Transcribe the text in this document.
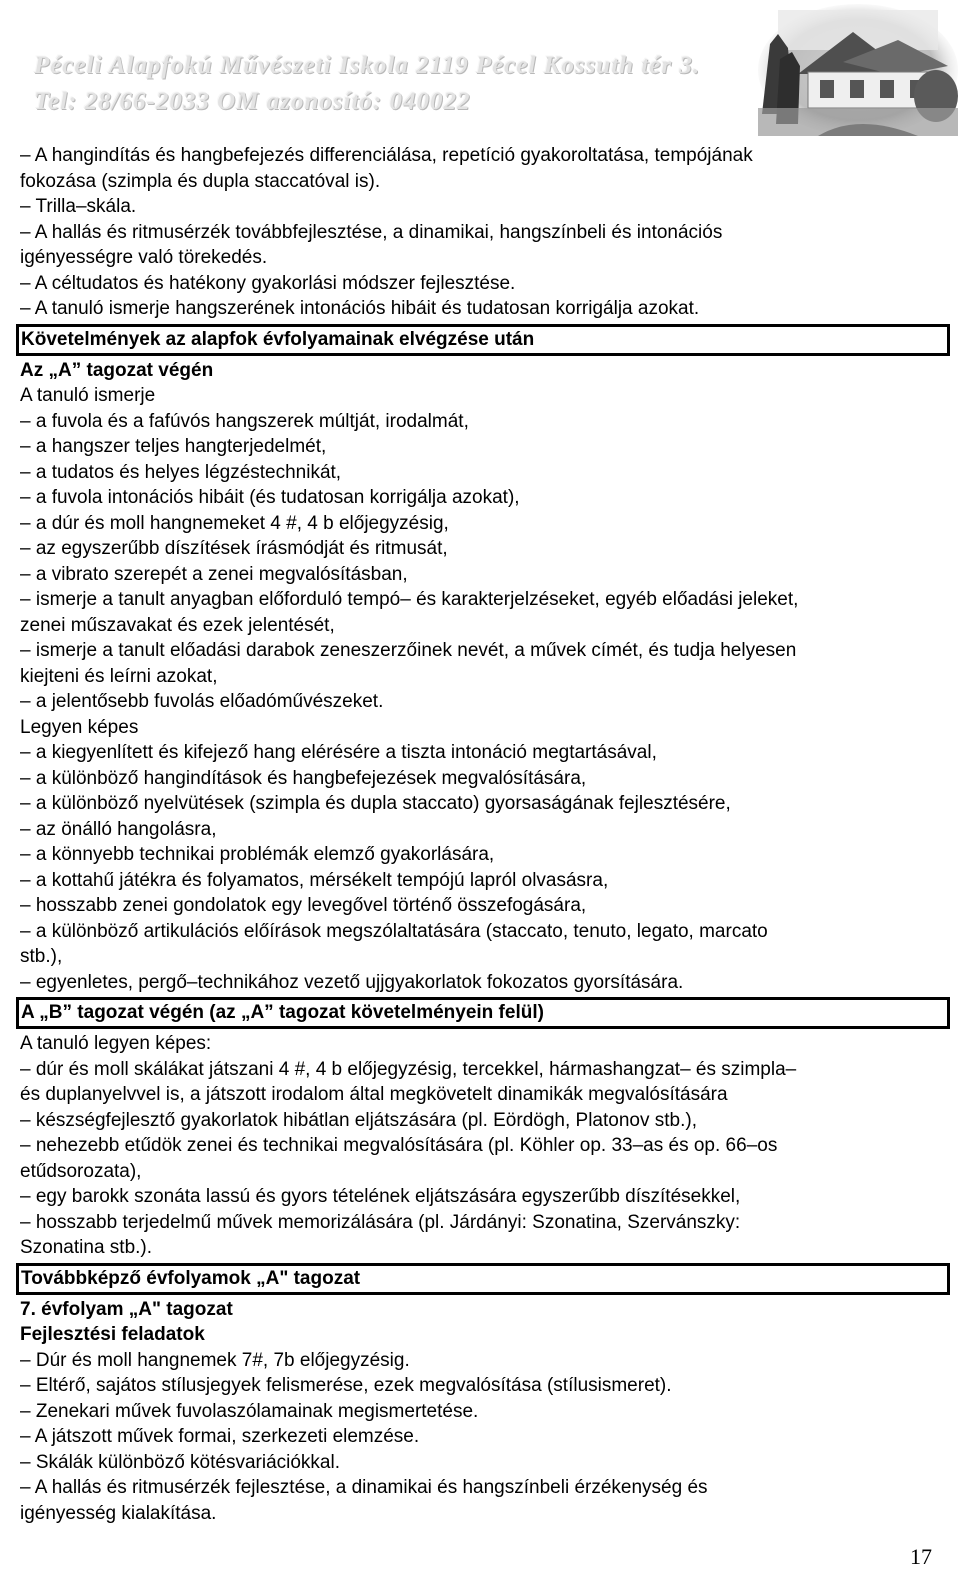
Péceli Alapfokú Művészeti Iskola 2119 Pécel Kossuth tér 3.
Tel: 28/66-2033 OM azonosító: 040022

– A hangindítás és hangbefejezés differenciálása, repetíció gyakoroltatása, tempójának

fokozása (szimpla és dupla staccatóval is).

– Trilla–skála.

– A hallás és ritmusérzék továbbfejlesztése, a dinamikai, hangszínbeli és intonációs

igényességre való törekedés.

– A céltudatos és hatékony gyakorlási módszer fejlesztése.

– A tanuló ismerje hangszerének intonációs hibáit és tudatosan korrigálja azokat.

Követelmények az alapfok évfolyamainak elvégzése után

Az „A” tagozat végén

A tanuló ismerje

– a fuvola és a fafúvós hangszerek múltját, irodalmát,

– a hangszer teljes hangterjedelmét,

– a tudatos és helyes légzéstechnikát,

– a fuvola intonációs hibáit (és tudatosan korrigálja azokat),

– a dúr és moll hangnemeket 4 #, 4 b előjegyzésig,

– az egyszerűbb díszítések írásmódját és ritmusát,

– a vibrato szerepét a zenei megvalósításban,

– ismerje a tanult anyagban előforduló tempó– és karakterjelzéseket, egyéb előadási jeleket,

zenei műszavakat és ezek jelentését,

– ismerje a tanult előadási darabok zeneszerzőinek nevét, a művek címét, és tudja helyesen

kiejteni és leírni azokat,

– a jelentősebb fuvolás előadóművészeket.

Legyen képes

– a kiegyenlített és kifejező hang elérésére a tiszta intonáció megtartásával,

– a különböző hangindítások és hangbefejezések megvalósítására,

– a különböző nyelvütések (szimpla és dupla staccato) gyorsaságának fejlesztésére,

– az önálló hangolásra,

– a könnyebb technikai problémák elemző gyakorlására,

– a kottahű játékra és folyamatos, mérsékelt tempójú lapról olvasásra,

– hosszabb zenei gondolatok egy levegővel történő összefogására,

– a különböző artikulációs előírások megszólaltatására (staccato, tenuto, legato, marcato

stb.),

– egyenletes, pergő–technikához vezető ujjgyakorlatok fokozatos gyorsítására.

A „B” tagozat végén (az „A” tagozat követelményein felül)

A tanuló legyen képes:

– dúr és moll skálákat játszani 4 #, 4 b előjegyzésig, tercekkel, hármashangzat– és szimpla–

és duplanyelvvel is, a játszott irodalom által megkövetelt dinamikák megvalósítására

– készségfejlesztő gyakorlatok hibátlan eljátszására (pl. Eördögh, Platonov stb.),

– nehezebb etűdök zenei és technikai megvalósítására (pl. Köhler op. 33–as és op. 66–os

etűdsorozata),

– egy barokk szonáta lassú és gyors tételének eljátszására egyszerűbb díszítésekkel,

– hosszabb terjedelmű művek memorizálására (pl. Járdányi: Szonatina, Szervánszky:

Szonatina stb.).

Továbbképző évfolyamok „A" tagozat

7. évfolyam „A" tagozat

Fejlesztési feladatok

– Dúr és moll hangnemek 7#, 7b előjegyzésig.

– Eltérő, sajátos stílusjegyek felismerése, ezek megvalósítása (stílusismeret).

– Zenekari művek fuvolaszólamainak megismertetése.

– A játszott művek formai, szerkezeti elemzése.

– Skálák különböző kötésvariációkkal.

– A hallás és ritmusérzék fejlesztése, a dinamikai és hangszínbeli érzékenység és

igényesség kialakítása.

17
